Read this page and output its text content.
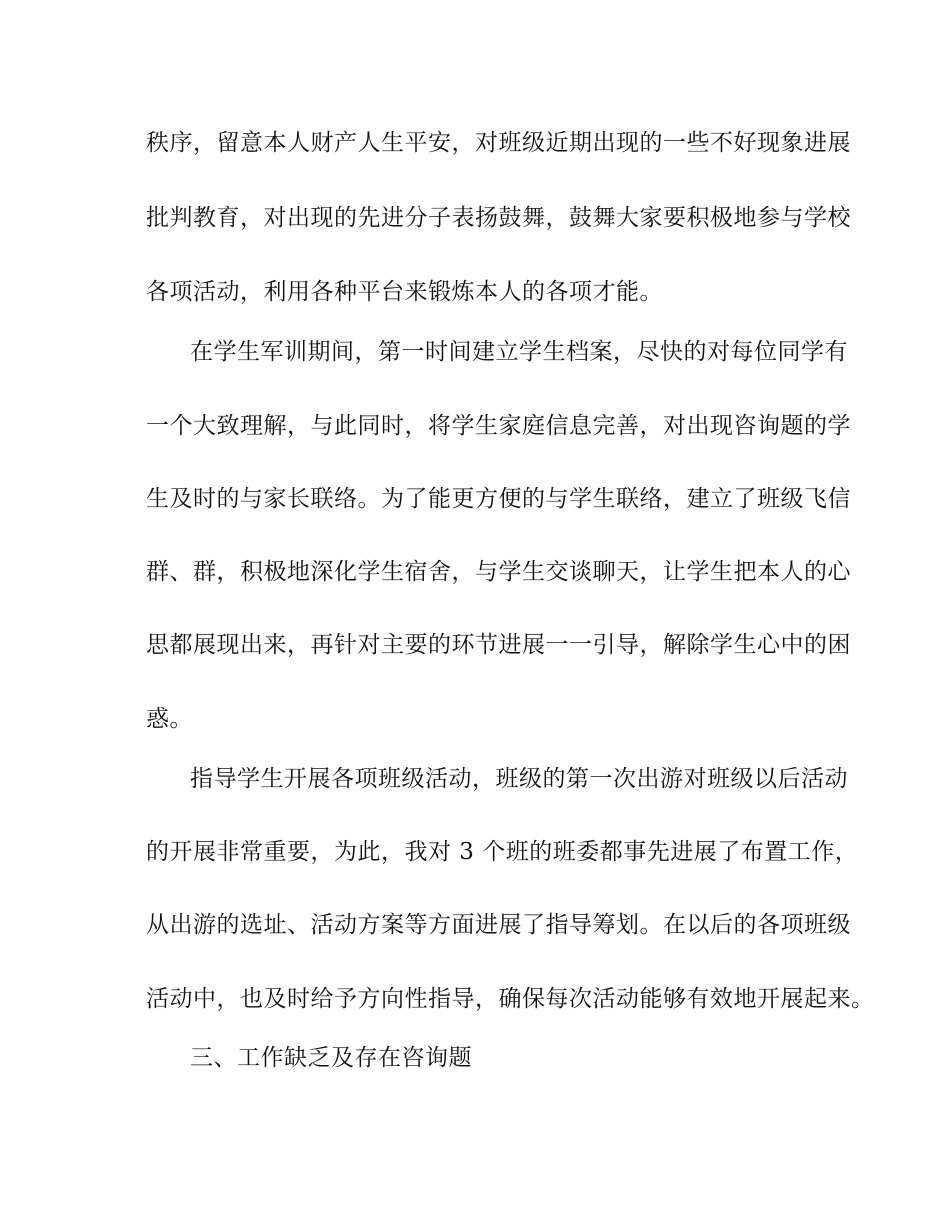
秩序，留意本人财产人生平安，对班级近期出现的一些不好现象进展
批判教育，对出现的先进分子表扬鼓舞，鼓舞大家要积极地参与学校
各项活动，利用各种平台来锻炼本人的各项才能。
在学生军训期间，第一时间建立学生档案，尽快的对每位同学有
一个大致理解，与此同时，将学生家庭信息完善，对出现咨询题的学
生及时的与家长联络。为了能更方便的与学生联络，建立了班级飞信
群、群，积极地深化学生宿舍，与学生交谈聊天，让学生把本人的心
思都展现出来，再针对主要的环节进展一一引导，解除学生心中的困
惑。
指导学生开展各项班级活动，班级的第一次出游对班级以后活动
的开展非常重要，为此，我对 3 个班的班委都事先进展了布置工作，
从出游的选址、活动方案等方面进展了指导筹划。在以后的各项班级
活动中，也及时给予方向性指导，确保每次活动能够有效地开展起来。
三、工作缺乏及存在咨询题
